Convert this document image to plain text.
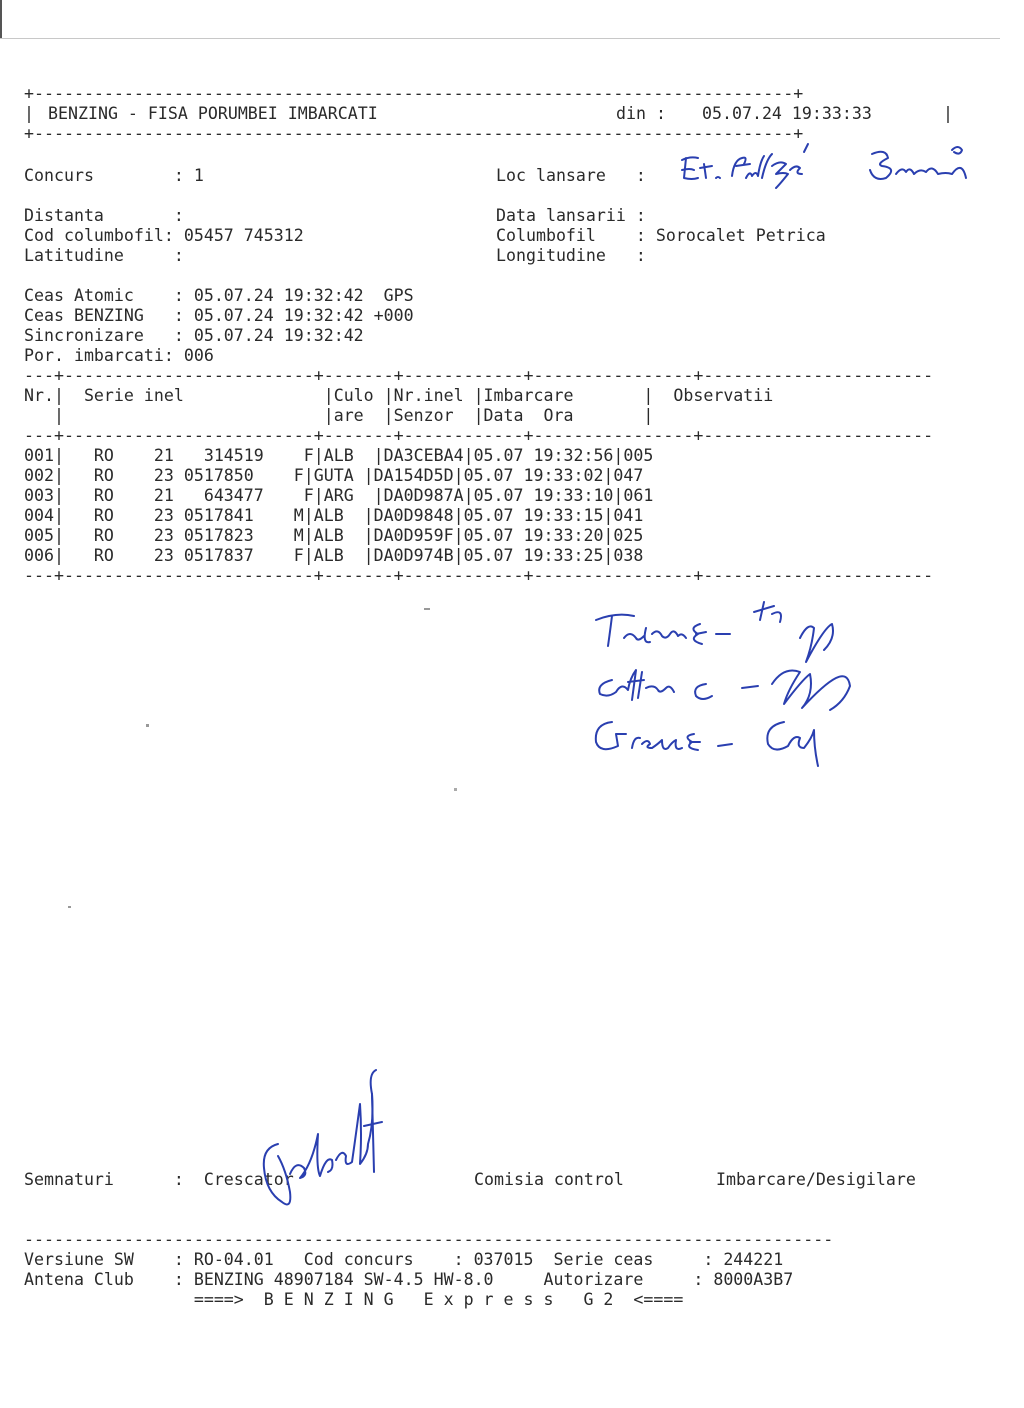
+----------------------------------------------------------------------------+
| BENZING - FISA PORUMBEI IMBARCATI	din : 05.07.24 19:33:33	|
+----------------------------------------------------------------------------+
Concurs        : 1	Loc lansare   :
Distanta       :	Data lansarii :
Cod columbofil: 05457 745312	Columbofil    : Sorocalet Petrica
Latitudine     :	Longitudine   :
Ceas Atomic    : 05.07.24 19:32:42  GPS
Ceas BENZING   : 05.07.24 19:32:42 +000
Sincronizare   : 05.07.24 19:32:42
Por. imbarcati: 006
---+-------------------------+-------+------------+----------------+-----------------------
Nr.|  Serie inel              |Culo |Nr.inel |Imbarcare       |  Observatii
|                          |are  |Senzor  |Data  Ora       |
---+-------------------------+-------+------------+----------------+-----------------------
001|   RO    21   314519    F|ALB  |DA3CEBA4|05.07 19:32:56|005
002|   RO    23 0517850    F|GUTA |DA154D5D|05.07 19:33:02|047
003|   RO    21   643477    F|ARG  |DA0D987A|05.07 19:33:10|061
004|   RO    23 0517841    M|ALB  |DA0D9848|05.07 19:33:15|041
005|   RO    23 0517823    M|ALB  |DA0D959F|05.07 19:33:20|025
006|   RO    23 0517837    F|ALB  |DA0D974B|05.07 19:33:25|038
---+-------------------------+-------+------------+----------------+-----------------------
Semnaturi      :  Crescator	Comisia control	Imbarcare/Desigilare
---------------------------------------------------------------------------------
Versiune SW    : RO-04.01   Cod concurs    : 037015  Serie ceas     : 244221
Antena Club    : BENZING 48907184 SW-4.5 HW-8.0     Autorizare     : 8000A3B7
====>  B E N Z I N G   E x p r e s s   G 2  <====
